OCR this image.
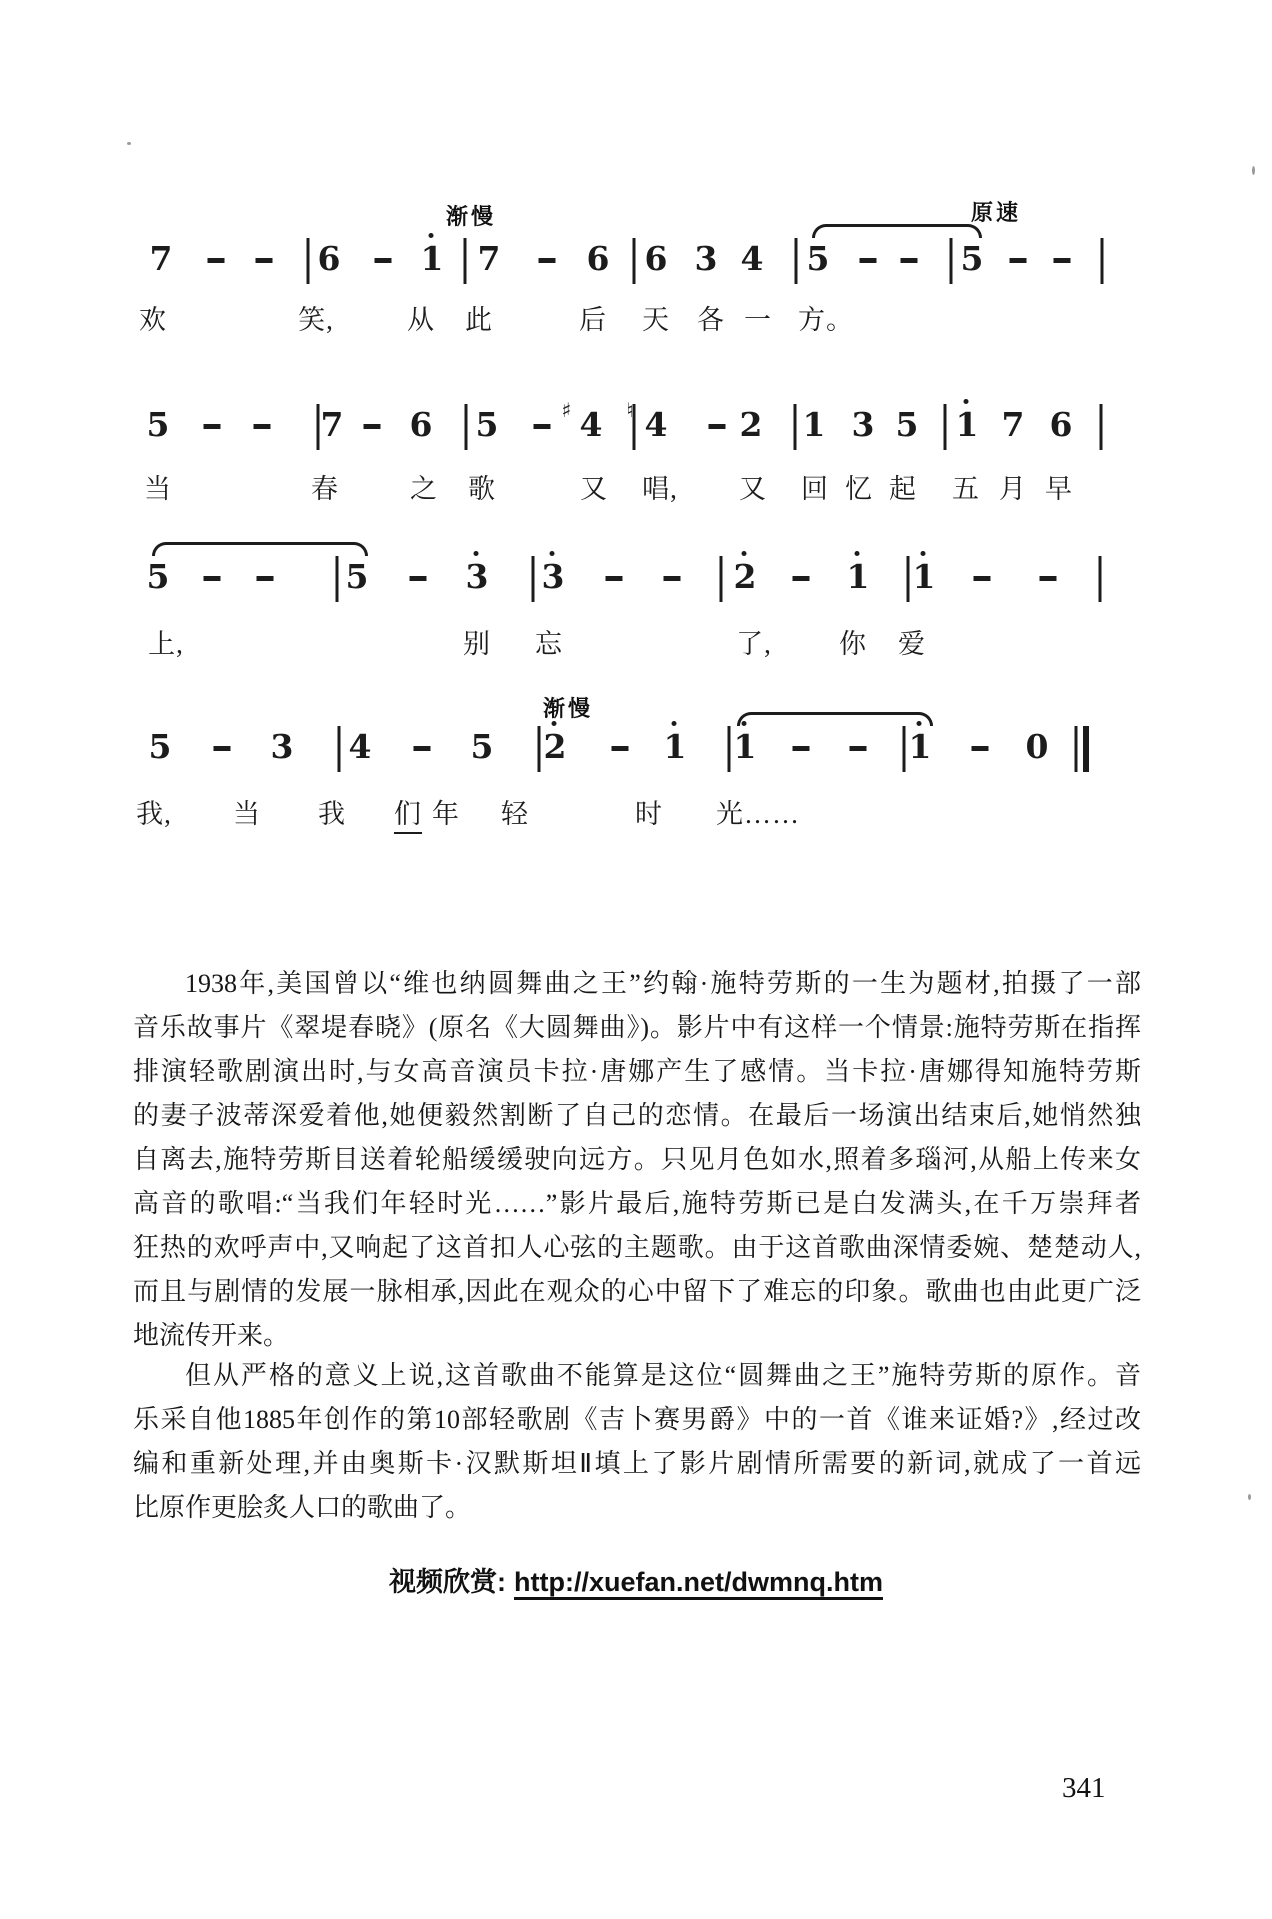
渐慢	原速
7	6 1 7	6 6 3 4 5	5
欢	笑,	从 此	后 天 各 一 方。
5	7 6 5 4
♯ 4
♮	2 1 3 5 1 7 6
当	春	之 歌	又 唱, 又 回 忆 起 五 月 早
5	5	3 3	2	1 1
上,	别 忘	了, 你 爱
渐慢
5	3 4	5 2	1 1	1	0
我, 当 我 们 年 轻	时 光……
1938年,美国曾以“维也纳圆舞曲之王”约翰·施特劳斯的一生为题材,拍摄了一部
音乐故事片《翠堤春晓》(原名《大圆舞曲》)。影片中有这样一个情景:施特劳斯在指挥
排演轻歌剧演出时,与女高音演员卡拉·唐娜产生了感情。当卡拉·唐娜得知施特劳斯
的妻子波蒂深爱着他,她便毅然割断了自己的恋情。在最后一场演出结束后,她悄然独
自离去,施特劳斯目送着轮船缓缓驶向远方。只见月色如水,照着多瑙河,从船上传来女
高音的歌唱:“当我们年轻时光……”影片最后,施特劳斯已是白发满头,在千万崇拜者
狂热的欢呼声中,又响起了这首扣人心弦的主题歌。由于这首歌曲深情委婉、楚楚动人,
而且与剧情的发展一脉相承,因此在观众的心中留下了难忘的印象。歌曲也由此更广泛
地流传开来。
但从严格的意义上说,这首歌曲不能算是这位“圆舞曲之王”施特劳斯的原作。音
乐采自他1885年创作的第10部轻歌剧《吉卜赛男爵》中的一首《谁来证婚?》,经过改
编和重新处理,并由奥斯卡·汉默斯坦Ⅱ填上了影片剧情所需要的新词,就成了一首远
比原作更脍炙人口的歌曲了。
视频欣赏: http://xuefan.net/dwmnq.htm
341
